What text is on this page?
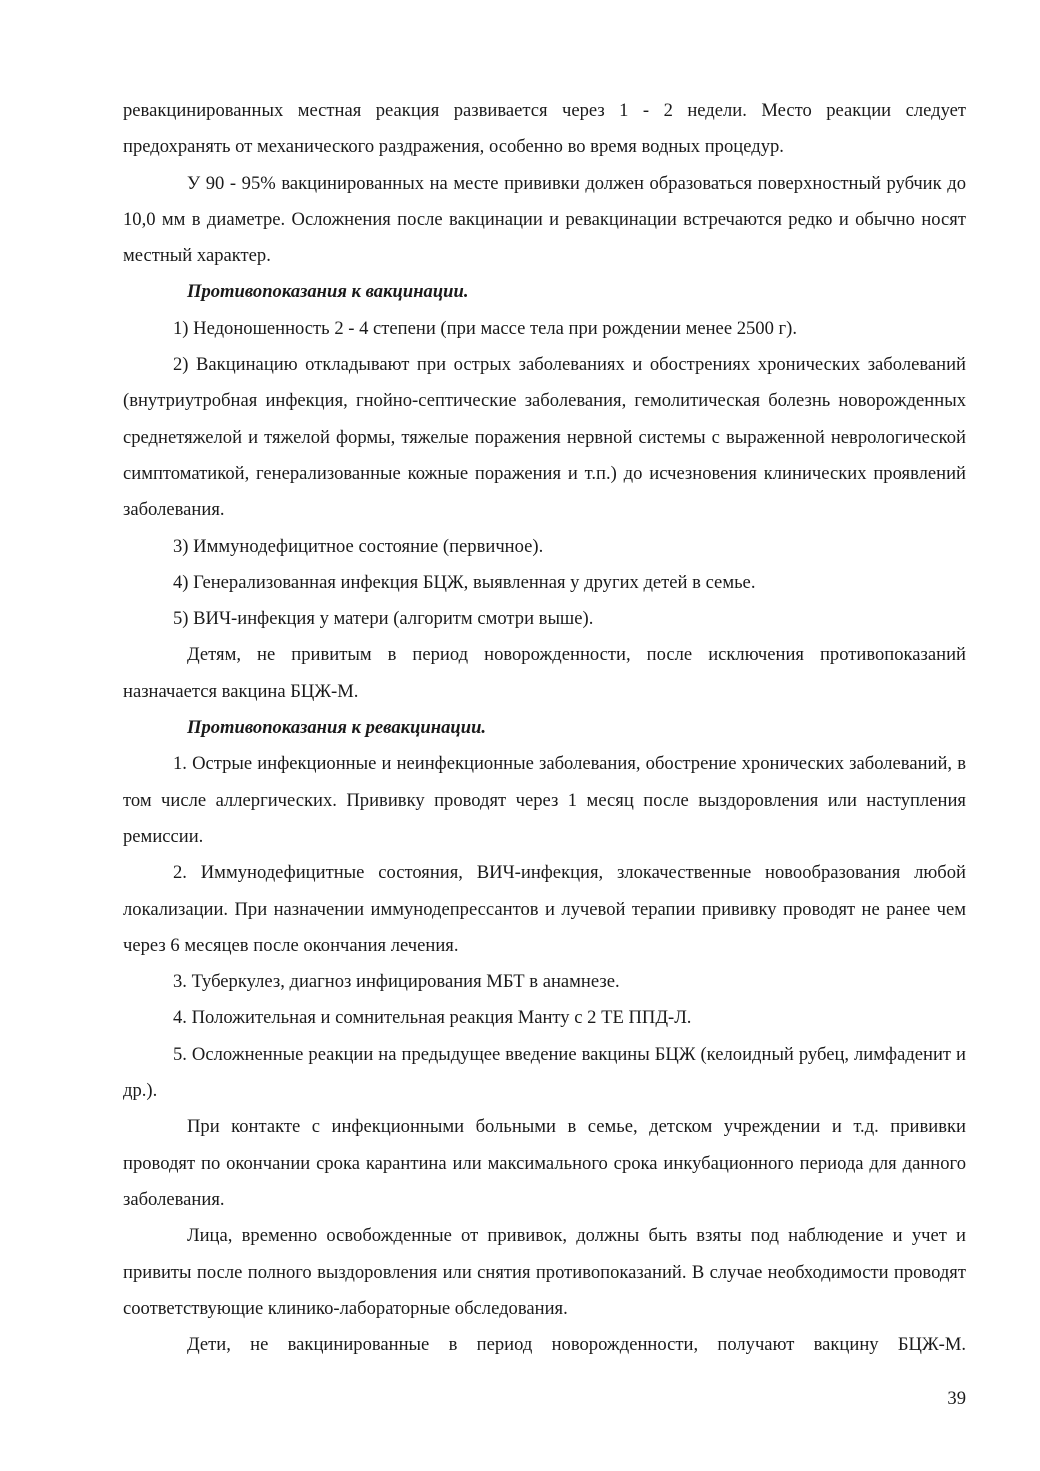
ревакцинированных местная реакция развивается через 1 - 2 недели. Место реакции следует предохранять от механического раздражения, особенно во время водных процедур.

У 90 - 95% вакцинированных на месте прививки должен образоваться поверхностный рубчик до 10,0 мм в диаметре. Осложнения после вакцинации и ревакцинации встречаются редко и обычно носят местный характер.

Противопоказания к вакцинации.

1) Недоношенность 2 - 4 степени (при массе тела при рождении менее 2500 г).

2) Вакцинацию откладывают при острых заболеваниях и обострениях хронических заболеваний (внутриутробная инфекция, гнойно-септические заболевания, гемолитическая болезнь новорожденных среднетяжелой и тяжелой формы, тяжелые поражения нервной системы с выраженной неврологической симптоматикой, генерализованные кожные поражения и т.п.) до исчезновения клинических проявлений заболевания.

3) Иммунодефицитное состояние (первичное).

4) Генерализованная инфекция БЦЖ, выявленная у других детей в семье.

5) ВИЧ-инфекция у матери (алгоритм смотри выше).

Детям, не привитым в период новорожденности, после исключения противопоказаний назначается вакцина БЦЖ-М.

Противопоказания к ревакцинации.

1. Острые инфекционные и неинфекционные заболевания, обострение хронических заболеваний, в том числе аллергических. Прививку проводят через 1 месяц после выздоровления или наступления ремиссии.

2. Иммунодефицитные состояния, ВИЧ-инфекция, злокачественные новообразования любой локализации. При назначении иммунодепрессантов и лучевой терапии прививку проводят не ранее чем через 6 месяцев после окончания лечения.

3. Туберкулез, диагноз инфицирования МБТ в анамнезе.

4. Положительная и сомнительная реакция Манту с 2 ТЕ ППД-Л.

5. Осложненные реакции на предыдущее введение вакцины БЦЖ (келоидный рубец, лимфаденит и др.).

При контакте с инфекционными больными в семье, детском учреждении и т.д. прививки проводят по окончании срока карантина или максимального срока инкубационного периода для данного заболевания.

Лица, временно освобожденные от прививок, должны быть взяты под наблюдение и учет и привиты после полного выздоровления или снятия противопоказаний. В случае необходимости проводят соответствующие клинико-лабораторные обследования.

Дети, не вакцинированные в период новорожденности, получают вакцину БЦЖ-М.

39
